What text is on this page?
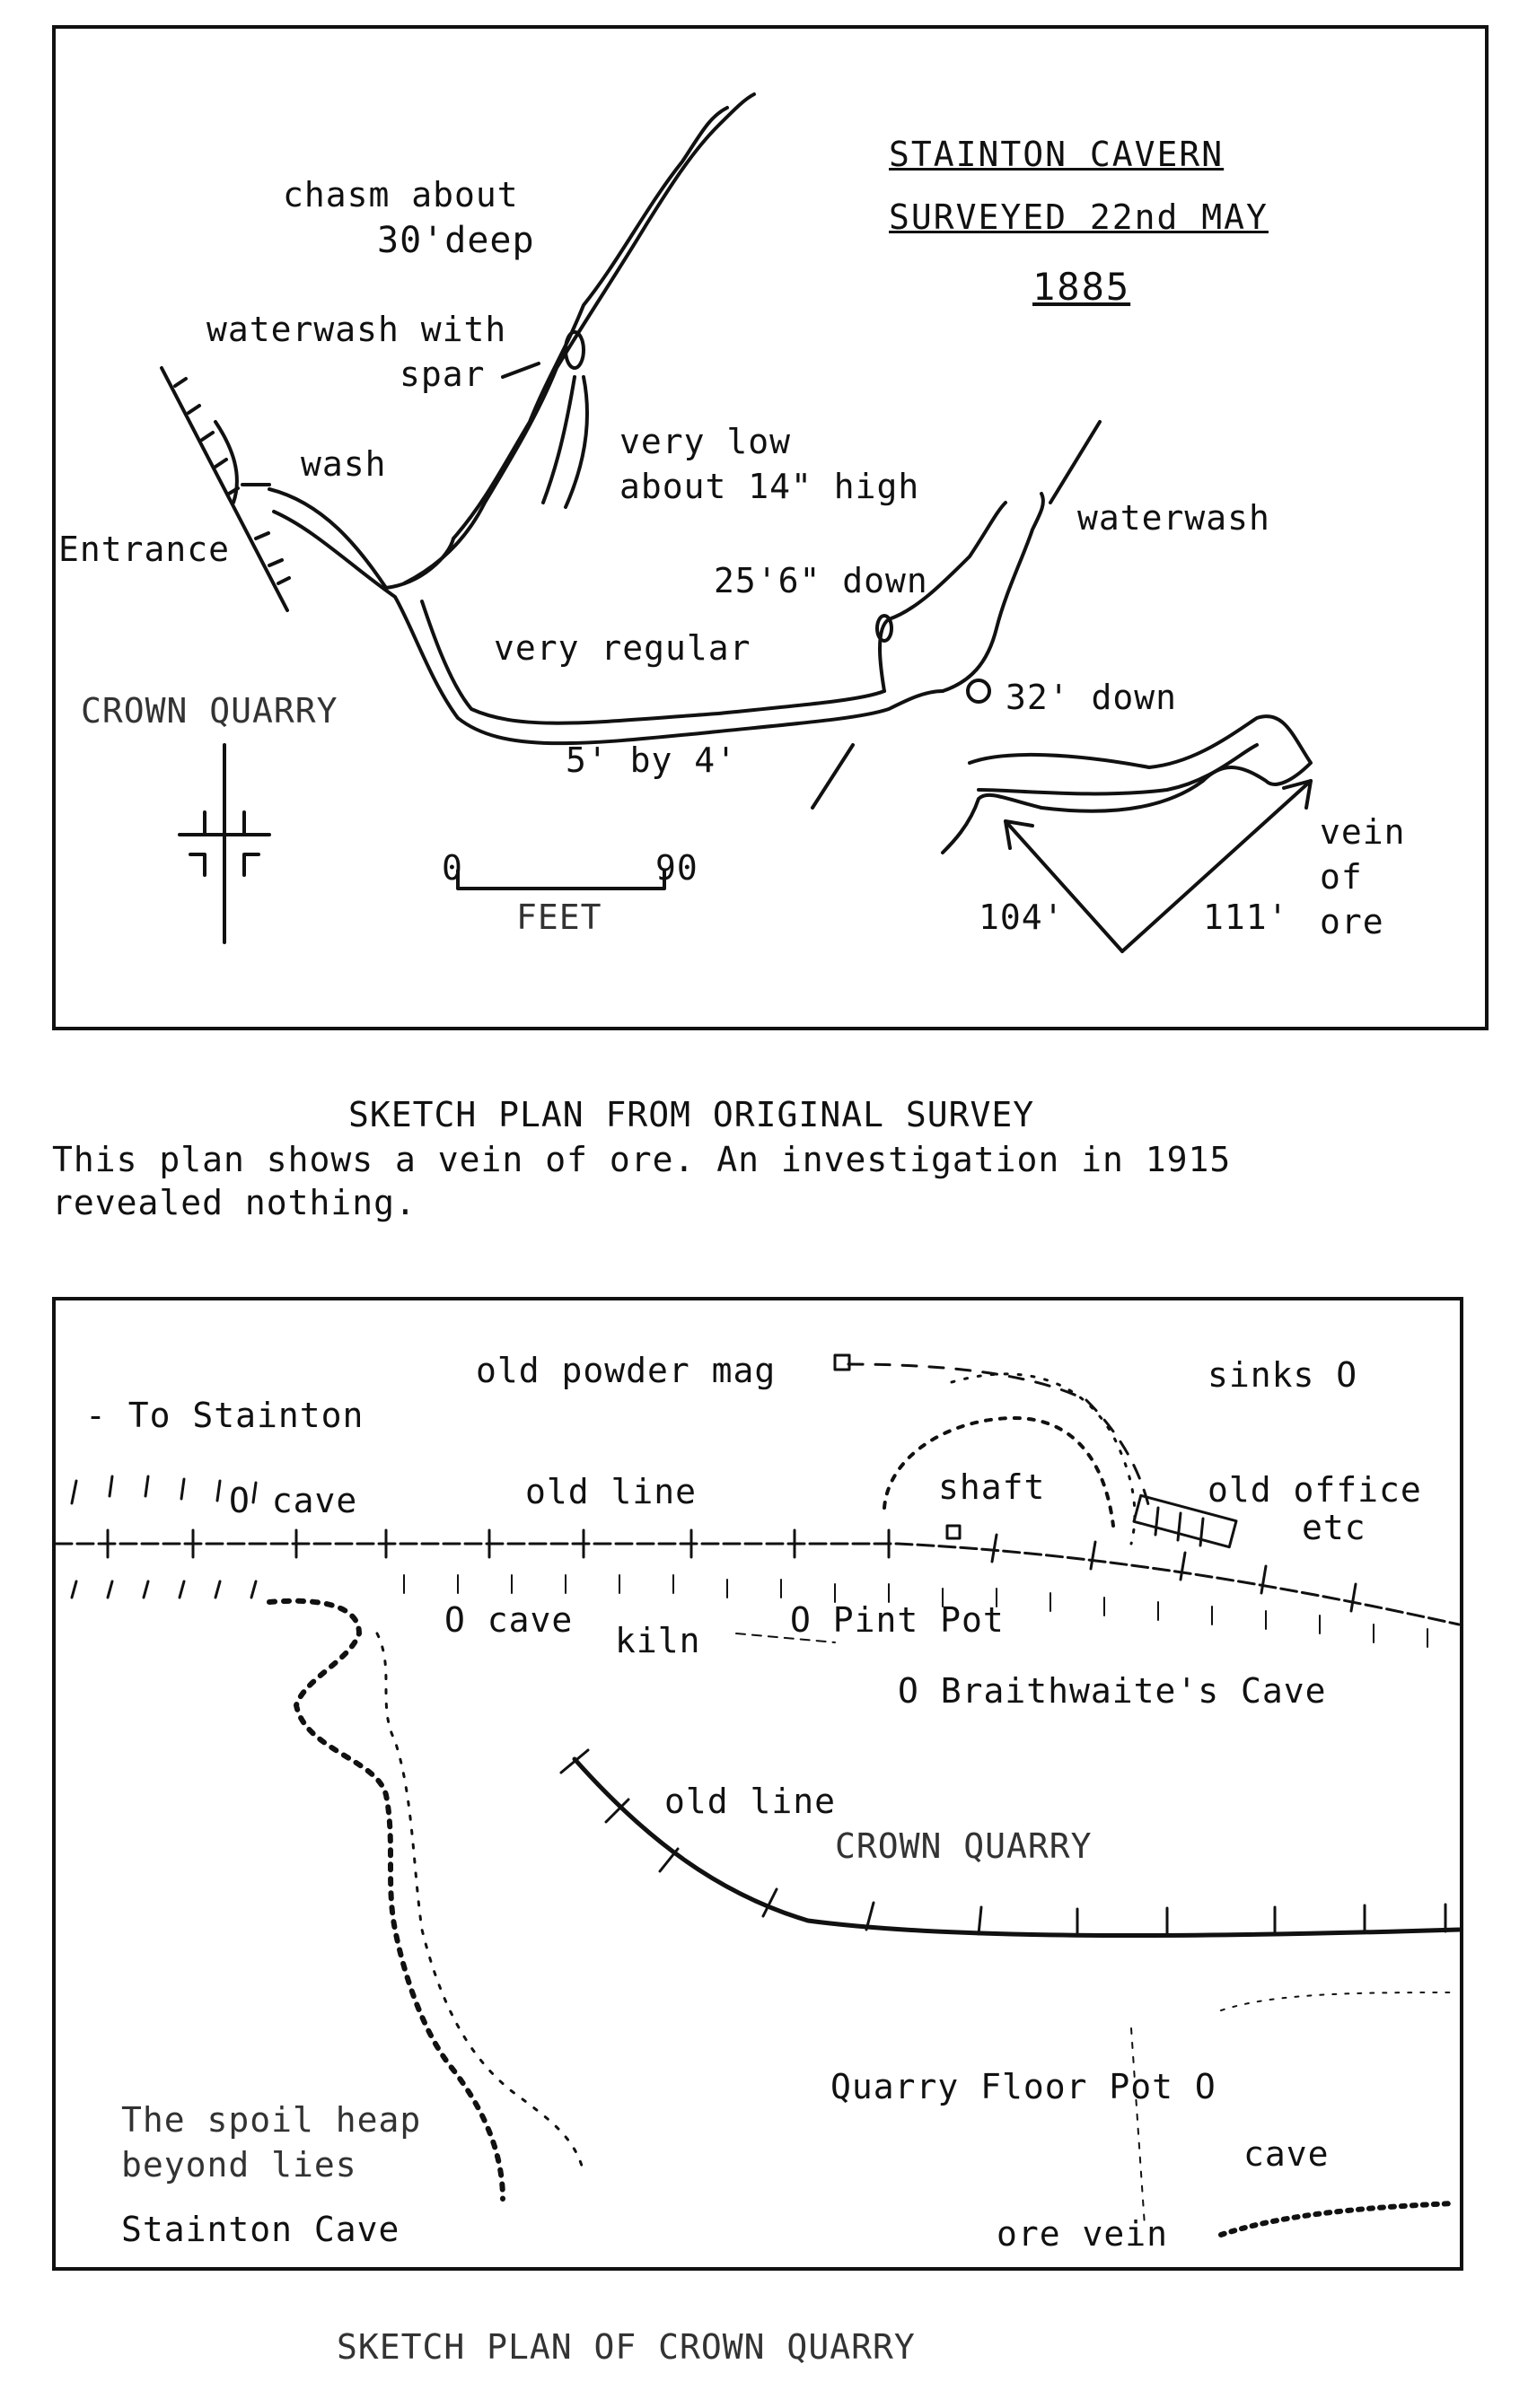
STAINTON CAVERN
SURVEYED 22nd MAY
1885
chasm about
30'deep
waterwash with
spar
wash
Entrance
very low
about 14" high
waterwash
25'6" down
very regular
CROWN QUARRY	32' down
5' by 4'
vein
of
ore
104'	111'
0	90
FEET
SKETCH PLAN FROM ORIGINAL SURVEY
This plan shows a vein of ore. An investigation in 1915
revealed nothing.
- To Stainton
old powder mag	sinks O
O cave	old line	shaft	old office
etc
O cave
kiln
O Pint Pot
O Braithwaite's Cave
old line
CROWN QUARRY
Quarry Floor Pot O
The spoil heap
beyond lies
Stainton Cave
cave
ore vein
SKETCH PLAN OF CROWN QUARRY
